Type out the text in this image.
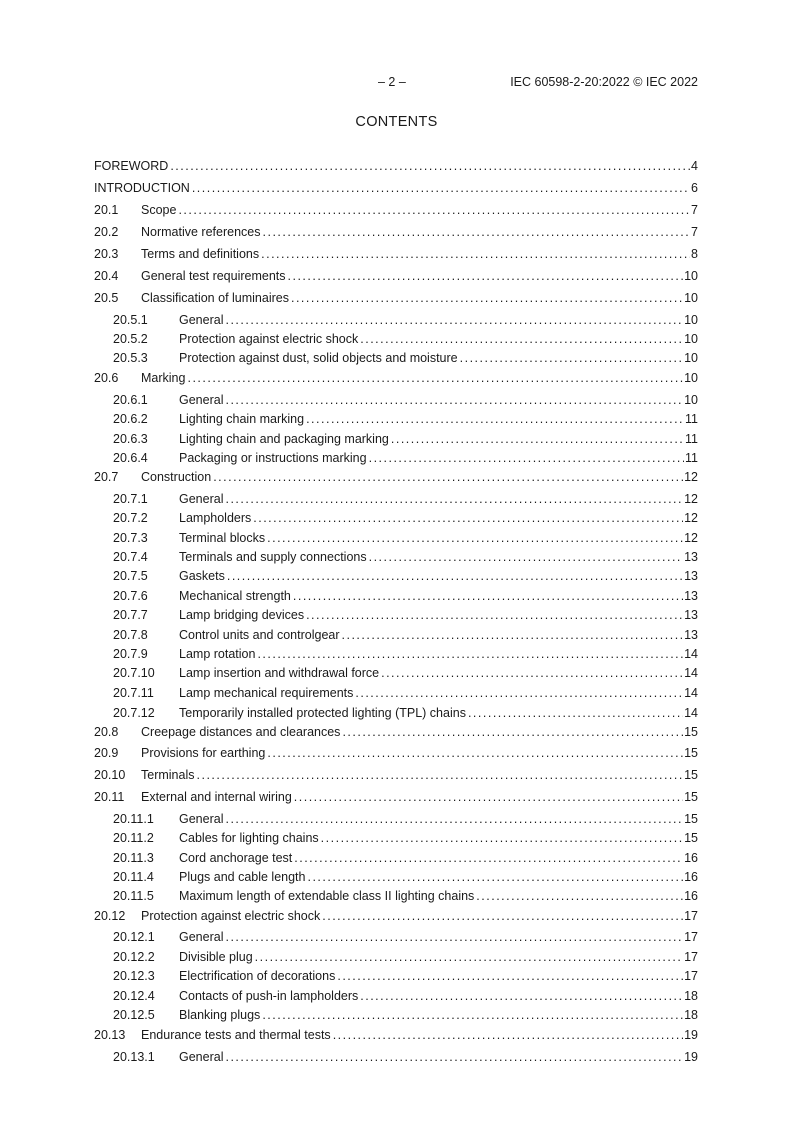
– 2 –	IEC 60598-2-20:2022 © IEC 2022
CONTENTS
FOREWORD .....	4
INTRODUCTION .....	6
20.1	Scope .....	7
20.2	Normative references .....	7
20.3	Terms and definitions .....	8
20.4	General test requirements .....	10
20.5	Classification of luminaires .....	10
20.5.1	General .....	10
20.5.2	Protection against electric shock .....	10
20.5.3	Protection against dust, solid objects and moisture .....	10
20.6	Marking .....	10
20.6.1	General .....	10
20.6.2	Lighting chain marking .....	11
20.6.3	Lighting chain and packaging marking .....	11
20.6.4	Packaging or instructions marking .....	11
20.7	Construction .....	12
20.7.1	General .....	12
20.7.2	Lampholders .....	12
20.7.3	Terminal blocks .....	12
20.7.4	Terminals and supply connections .....	13
20.7.5	Gaskets .....	13
20.7.6	Mechanical strength .....	13
20.7.7	Lamp bridging devices .....	13
20.7.8	Control units and controlgear .....	13
20.7.9	Lamp rotation .....	14
20.7.10	Lamp insertion and withdrawal force .....	14
20.7.11	Lamp mechanical requirements .....	14
20.7.12	Temporarily installed protected lighting (TPL) chains .....	14
20.8	Creepage distances and clearances .....	15
20.9	Provisions for earthing .....	15
20.10	Terminals .....	15
20.11	External and internal wiring .....	15
20.11.1	General .....	15
20.11.2	Cables for lighting chains .....	15
20.11.3	Cord anchorage test .....	16
20.11.4	Plugs and cable length .....	16
20.11.5	Maximum length of extendable class II lighting chains .....	16
20.12	Protection against electric shock .....	17
20.12.1	General .....	17
20.12.2	Divisible plug .....	17
20.12.3	Electrification of decorations .....	17
20.12.4	Contacts of push-in lampholders .....	18
20.12.5	Blanking plugs .....	18
20.13	Endurance tests and thermal tests .....	19
20.13.1	General .....	19
